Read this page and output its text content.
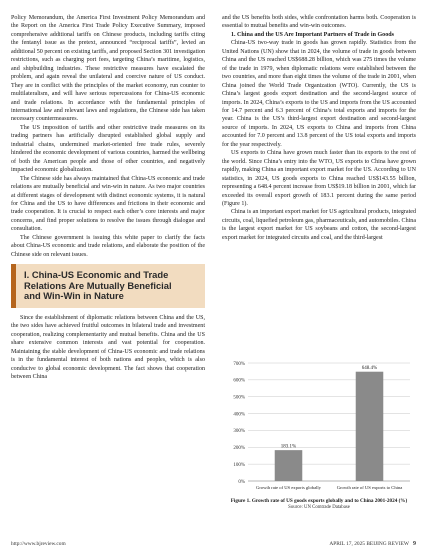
Policy Memorandum, the America First Investment Policy Memorandum and the Report on the America First Trade Policy Executive Summary, imposed comprehensive additional tariffs on Chinese products, including tariffs citing the fentanyl issue as the pretext, announced “reciprocal tariffs”, levied an additional 50 percent on existing tariffs, and proposed Section 301 investigation restrictions, such as charging port fees, targeting China’s maritime, logistics, and shipbuilding industries. These restrictive measures have escalated the problem, and again reveal the unilateral and coercive nature of US conduct. They are in conflict with the principles of the market economy, run counter to multilateralism, and will have serious repercussions for China-US economic and trade relations. In accordance with the fundamental principles of international law and relevant laws and regulations, the Chinese side has taken necessary countermeasures.

The US imposition of tariffs and other restrictive trade measures on its trading partners has artificially disrupted established global supply and industrial chains, undermined market-oriented free trade rules, severely hindered the economic development of various countries, harmed the wellbeing of both the American people and those of other countries, and negatively impacted economic globalization.

The Chinese side has always maintained that China-US economic and trade relations are mutually beneficial and win-win in nature. As two major countries at different stages of development with distinct economic systems, it is natural for China and the US to have differences and frictions in their economic and trade cooperation. It is crucial to respect each other’s core interests and major concerns, and find proper solutions to resolve the issues through dialogue and consultation.

The Chinese government is issuing this white paper to clarify the facts about China-US economic and trade relations, and elaborate the position of the Chinese side on relevant issues.

I. China-US Economic and Trade
Relations Are Mutually Beneficial
and Win-Win in Nature

Since the establishment of diplomatic relations between China and the US, the two sides have achieved fruitful outcomes in bilateral trade and investment cooperation, realizing complementarity and mutual benefits. China and the US share extensive common interests and vast potential for cooperation. Maintaining the stable development of China-US economic and trade relations is in the fundamental interest of both nations and peoples, which is also conducive to global economic development. The fact shows that cooperation between China

and the US benefits both sides, while confrontation harms both. Cooperation is essential to mutual benefits and win-win outcomes.

1. China and the US Are Important Partners of Trade in Goods

China-US two-way trade in goods has grown rapidly. Statistics from the United Nations (UN) show that in 2024, the volume of trade in goods between China and the US reached US$688.28 billion, which was 275 times the volume of the trade in 1979, when diplomatic relations were established between the two countries, and more than eight times the volume of the trade in 2001, when China joined the World Trade Organization (WTO). Currently, the US is China’s largest goods export destination and the second-largest source of imports. In 2024, China’s exports to the US and imports from the US accounted for 14.7 percent and 6.3 percent of China’s total exports and imports for the year. China is the US’s third-largest export destination and second-largest source of imports. In 2024, US exports to China and imports from China accounted for 7.0 percent and 13.8 percent of the US total exports and imports for the year respectively.

US exports to China have grown much faster than its exports to the rest of the world. Since China’s entry into the WTO, US exports to China have grown rapidly, making China an important export market for the US. According to UN statistics, in 2024, US goods exports to China reached US$143.55 billion, representing a 648.4 percent increase from US$19.18 billion in 2001, which far exceeded its overall export growth of 183.1 percent during the same period (Figure 1).

China is an important export market for US agricultural products, integrated circuits, coal, liquefied petroleum gas, pharmaceuticals, and automobiles. China is the largest export market for US soybeans and cotton, the second-largest export market for integrated circuits and coal, and the third-largest

0%
100%
200%
300%
400%
500%
600%
700%
183.1%
Growth rate of US exports globally
648.4%
Growth rate of US exports to China
Figure 1. Growth rate of US goods exports globally and to China 2001-2024 (%)
Source: UN Comtrade Database
http://www.bjreview.com	APRIL 17, 2025 BEIJING REVIEW 9
